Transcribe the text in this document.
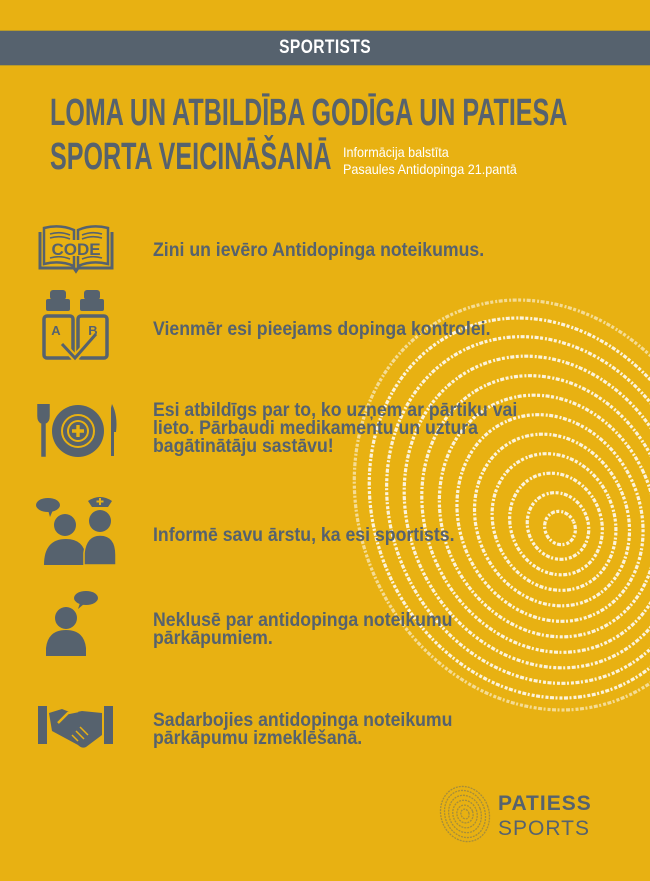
SPORTISTS
LOMA UN ATBILDĪBA GODĪGA UN PATIESA
SPORTA VEICINĀŠANĀ Informācija balstīta
Pasaules Antidopinga 21.pantā
CODE	Zini un ievēro Antidopinga noteikumus.
A B	Vienmēr esi pieejams dopinga kontrolei.
Esi atbildīgs par to, ko uzņem ar pārtiku vai
lieto. Pārbaudi medikamentu un uztura
bagātinātāju sastāvu!
Informē savu ārstu, ka esi sportists.
Neklusē par antidopinga noteikumu
pārkāpumiem.
Sadarbojies antidopinga noteikumu
pārkāpumu izmeklēšanā.
PATIESS
SPORTS
